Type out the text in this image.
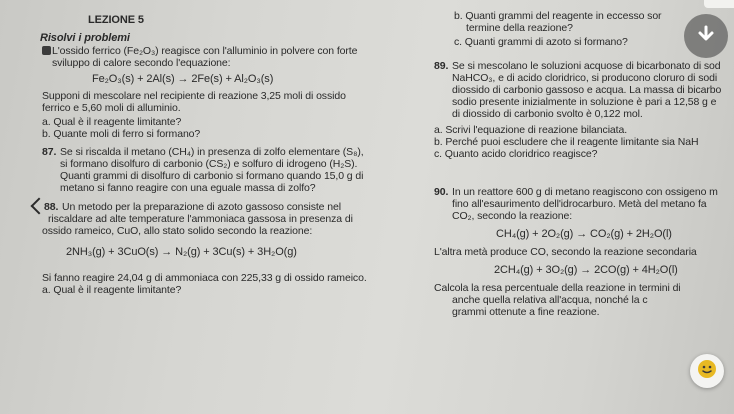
LEZIONE 5
Risolvi i problemi
L'ossido ferrico (Fe₂O₃) reagisce con l'alluminio in polvere con forte
sviluppo di calore secondo l'equazione:
Fe₂O₃(s) + 2Al(s) → 2Fe(s) + Al₂O₃(s)
Supponi di mescolare nel recipiente di reazione 3,25 moli di ossido
ferrico e 5,60 moli di alluminio.
a. Qual è il reagente limitante?
b. Quante moli di ferro si formano?
87. Se si riscalda il metano (CH₄) in presenza di zolfo elementare (S₈),
si formano disolfuro di carbonio (CS₂) e solfuro di idrogeno (H₂S).
Quanti grammi di disolfuro di carbonio si formano quando 15,0 g di
metano si fanno reagire con una eguale massa di zolfo?
88. Un metodo per la preparazione di azoto gassoso consiste nel
riscaldare ad alte temperature l'ammoniaca gassosa in presenza di
ossido rameico, CuO, allo stato solido secondo la reazione:
2NH₃(g) + 3CuO(s) → N₂(g) + 3Cu(s) + 3H₂O(g)
Si fanno reagire 24,04 g di ammoniaca con 225,33 g di ossido rameico.
a. Qual è il reagente limitante?
b. Quanti grammi del reagente in eccesso sor
termine della reazione?
c. Quanti grammi di azoto si formano?
89. Se si mescolano le soluzioni acquose di bicarbonato di sod
NaHCO₃, e di acido cloridrico, si producono cloruro di sodi
diossido di carbonio gassoso e acqua. La massa di bicarbo
sodio presente inizialmente in soluzione è pari a 12,58 g e
di diossido di carbonio svolto è 0,122 mol.
a. Scrivi l'equazione di reazione bilanciata.
b. Perché puoi escludere che il reagente limitante sia NaH
c. Quanto acido cloridrico reagisce?
90. In un reattore 600 g di metano reagiscono con ossigeno m
fino all'esaurimento dell'idrocarburo. Metà del metano fa
CO₂, secondo la reazione:
CH₄(g) + 2O₂(g) → CO₂(g) + 2H₂O(l)
L'altra metà produce CO, secondo la reazione secondaria
2CH₄(g) + 3O₂(g) → 2CO(g) + 4H₂O(l)
Calcola la resa percentuale della reazione in termini di
anche quella relativa all'acqua, nonché la c
grammi ottenute a fine reazione.
